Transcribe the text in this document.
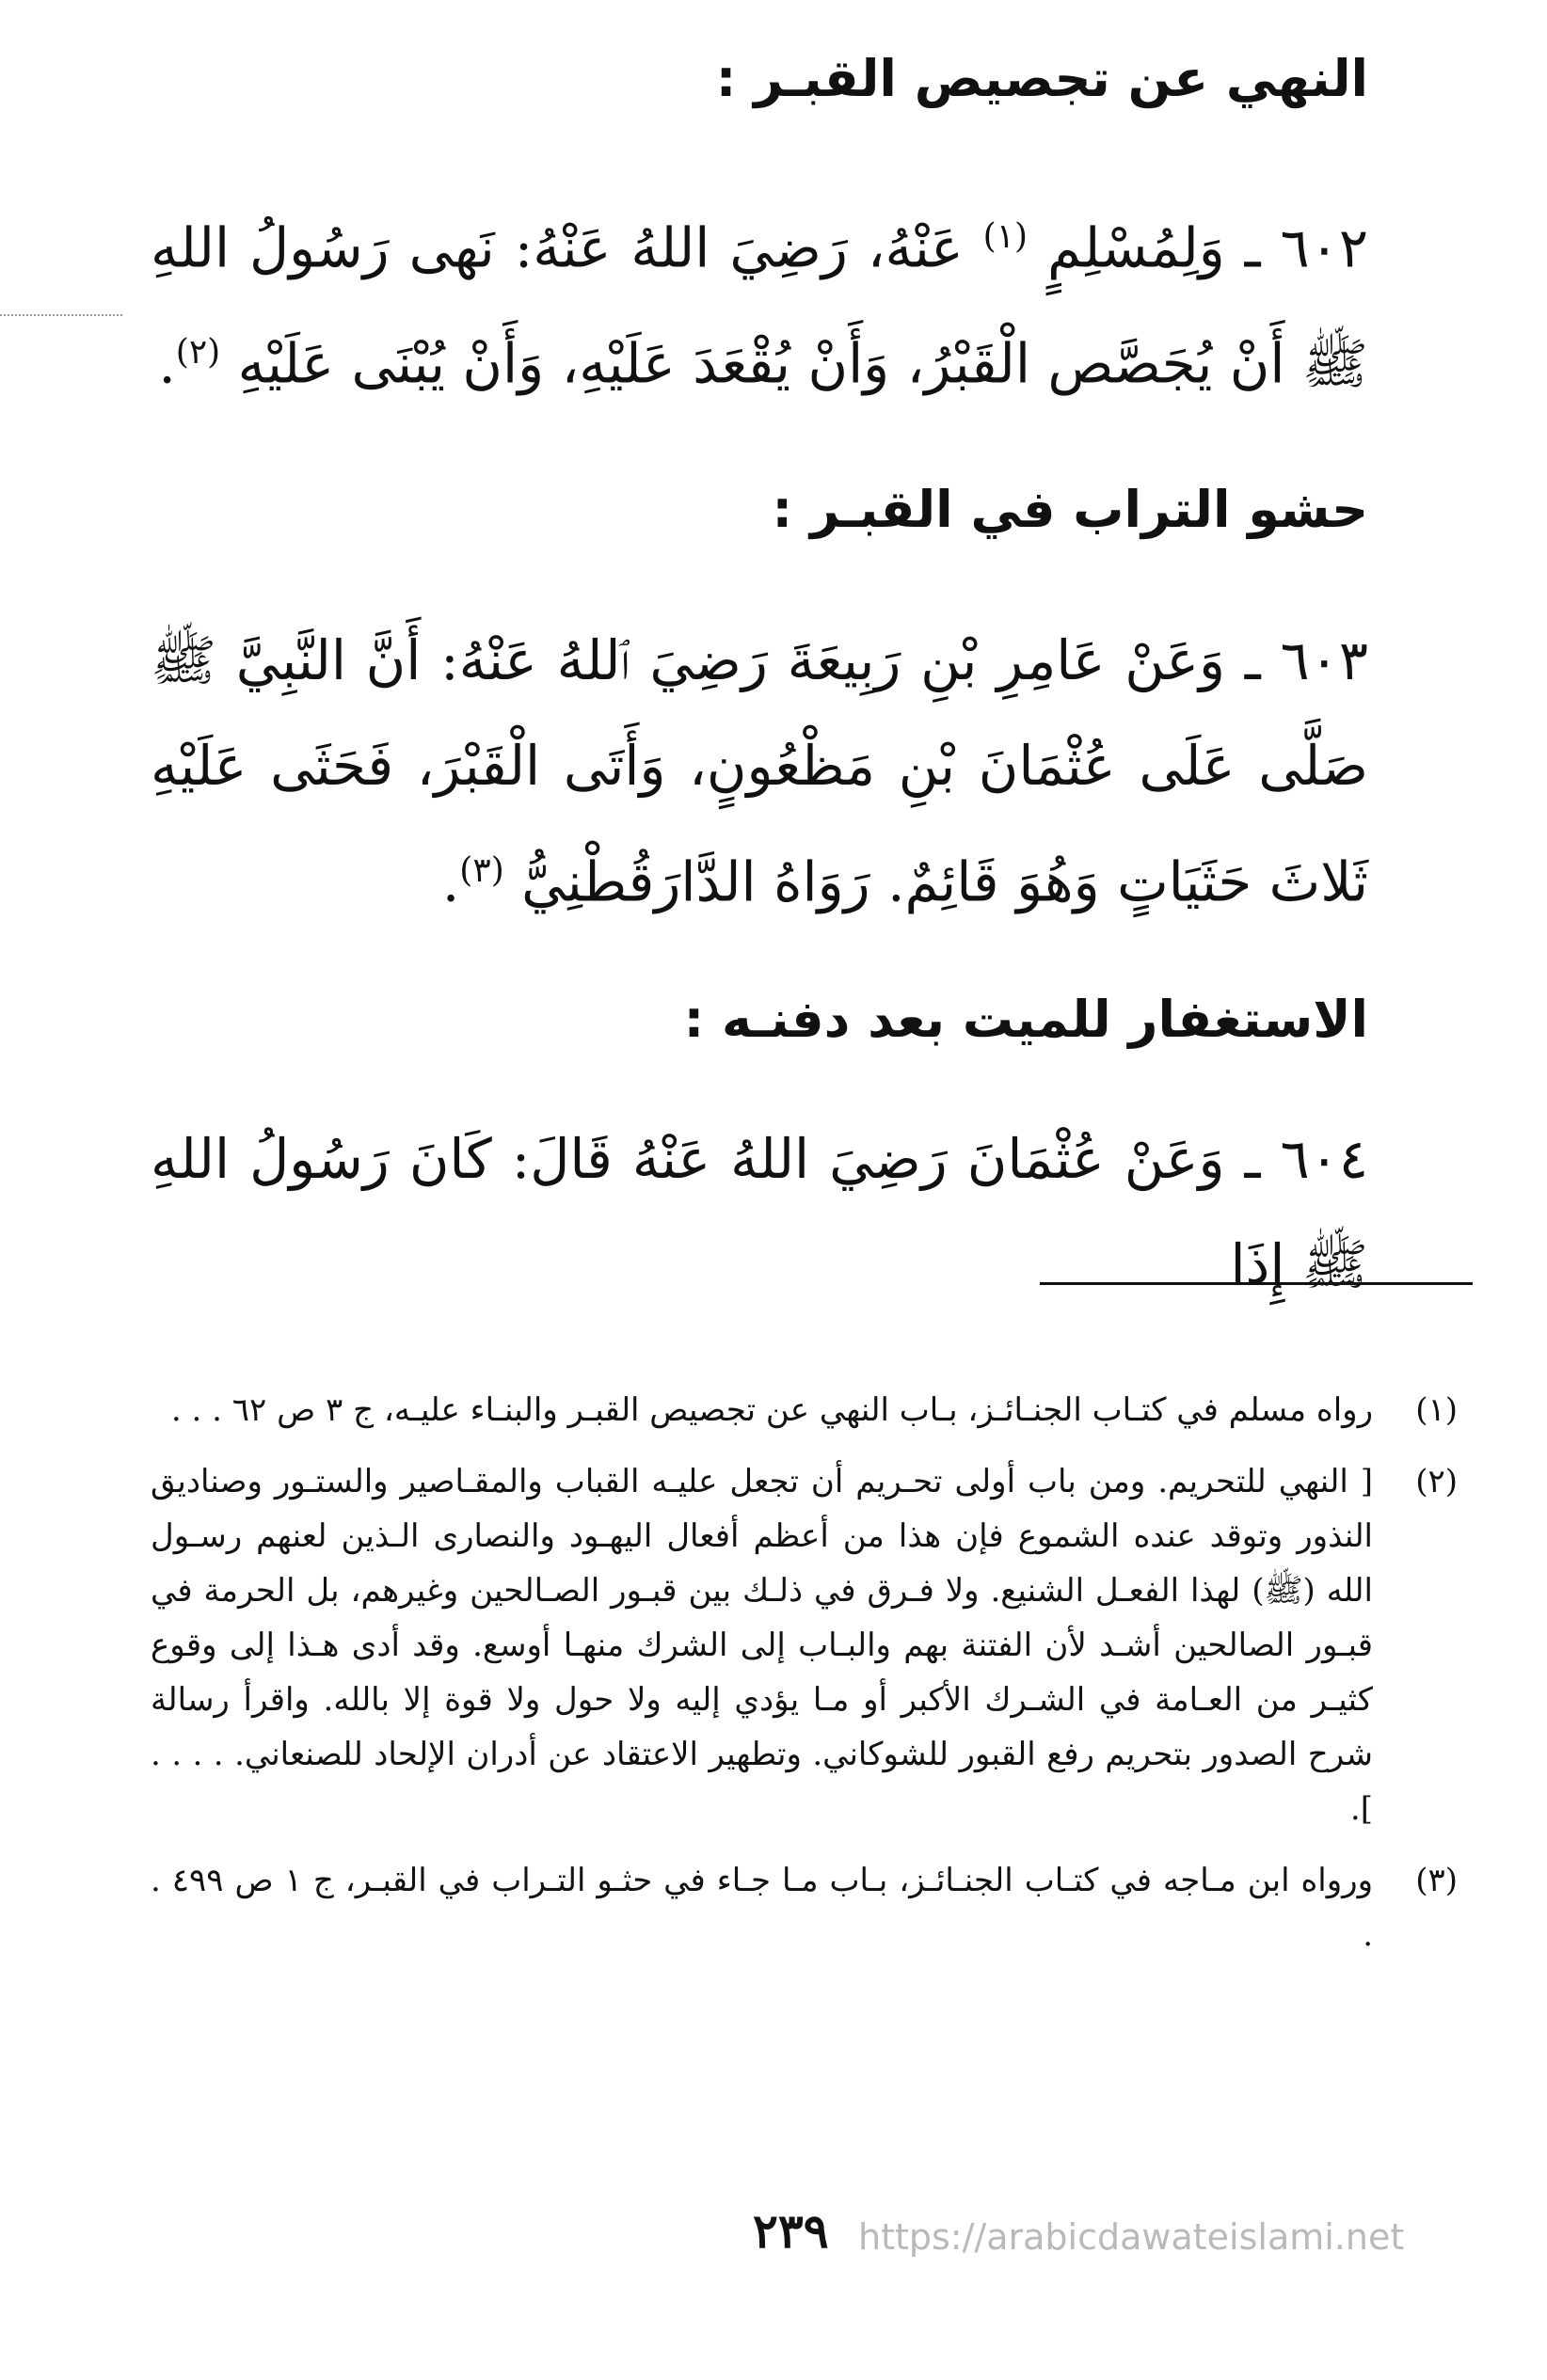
النهي عن تجصيص القبـر :

٦٠٢ ـ وَلِمُسْلِمٍ $^{(١)}$ عَنْهُ، رَضِيَ اللهُ عَنْهُ: نَهى رَسُولُ اللهِ ﷺ أَنْ يُجَصَّص الْقَبْرُ، وَأَنْ يُقْعَدَ عَلَيْهِ، وَأَنْ يُبْنَى عَلَيْهِ $^{(٢)}$.

حشو التراب في القبـر :

٦٠٣ ـ وَعَنْ عَامِرِ بْنِ رَبِيعَةَ رَضِيَ ٱللهُ عَنْهُ: أَنَّ النَّبِيَّ ﷺ صَلَّى عَلَى عُثْمَانَ بْنِ مَظْعُونٍ، وَأَتَى الْقَبْرَ، فَحَثَى عَلَيْهِ ثَلاثَ حَثَيَاتٍ وَهُوَ قَائِمٌ. رَوَاهُ الدَّارَقُطْنِيُّ $^{(٣)}$.

الاستغفار للميت بعد دفنـه :

٦٠٤ ـ وَعَنْ عُثْمَانَ رَضِيَ اللهُ عَنْهُ قَالَ: كَانَ رَسُولُ اللهِ ﷺ إِذَا

(١)
رواه مسلم في كتـاب الجنـائـز، بـاب النهي عن تجصيص القبـر والبنـاء عليـه، ج ٣ ص ٦٢ . . .
(٢)
[ النهي للتحريم. ومن باب أولى تحـريم أن تجعل عليـه القباب والمقـاصير والستـور وصناديق النذور وتوقد عنده الشموع فإن هذا من أعظم أفعال اليهـود والنصارى الـذين لعنهم رسـول الله (ﷺ) لهذا الفعـل الشنيع. ولا فـرق في ذلـك بين قبـور الصـالحين وغيرهم، بل الحرمة في قبـور الصالحين أشـد لأن الفتنة بهم والبـاب إلى الشرك منهـا أوسع. وقد أدى هـذا إلى وقوع كثيـر من العـامة في الشـرك الأكبر أو مـا يؤدي إليه ولا حول ولا قوة إلا بالله. واقرأ رسالة شرح الصدور بتحريم رفع القبور للشوكاني. وتطهير الاعتقاد عن أدران الإلحاد للصنعاني. . . . . ].
(٣)
ورواه ابن مـاجه في كتـاب الجنـائـز، بـاب مـا جـاء في حثـو التـراب في القبـر، ج ١ ص ٤٩٩ . .
٢٣٩ https://arabicdawateislami.net
